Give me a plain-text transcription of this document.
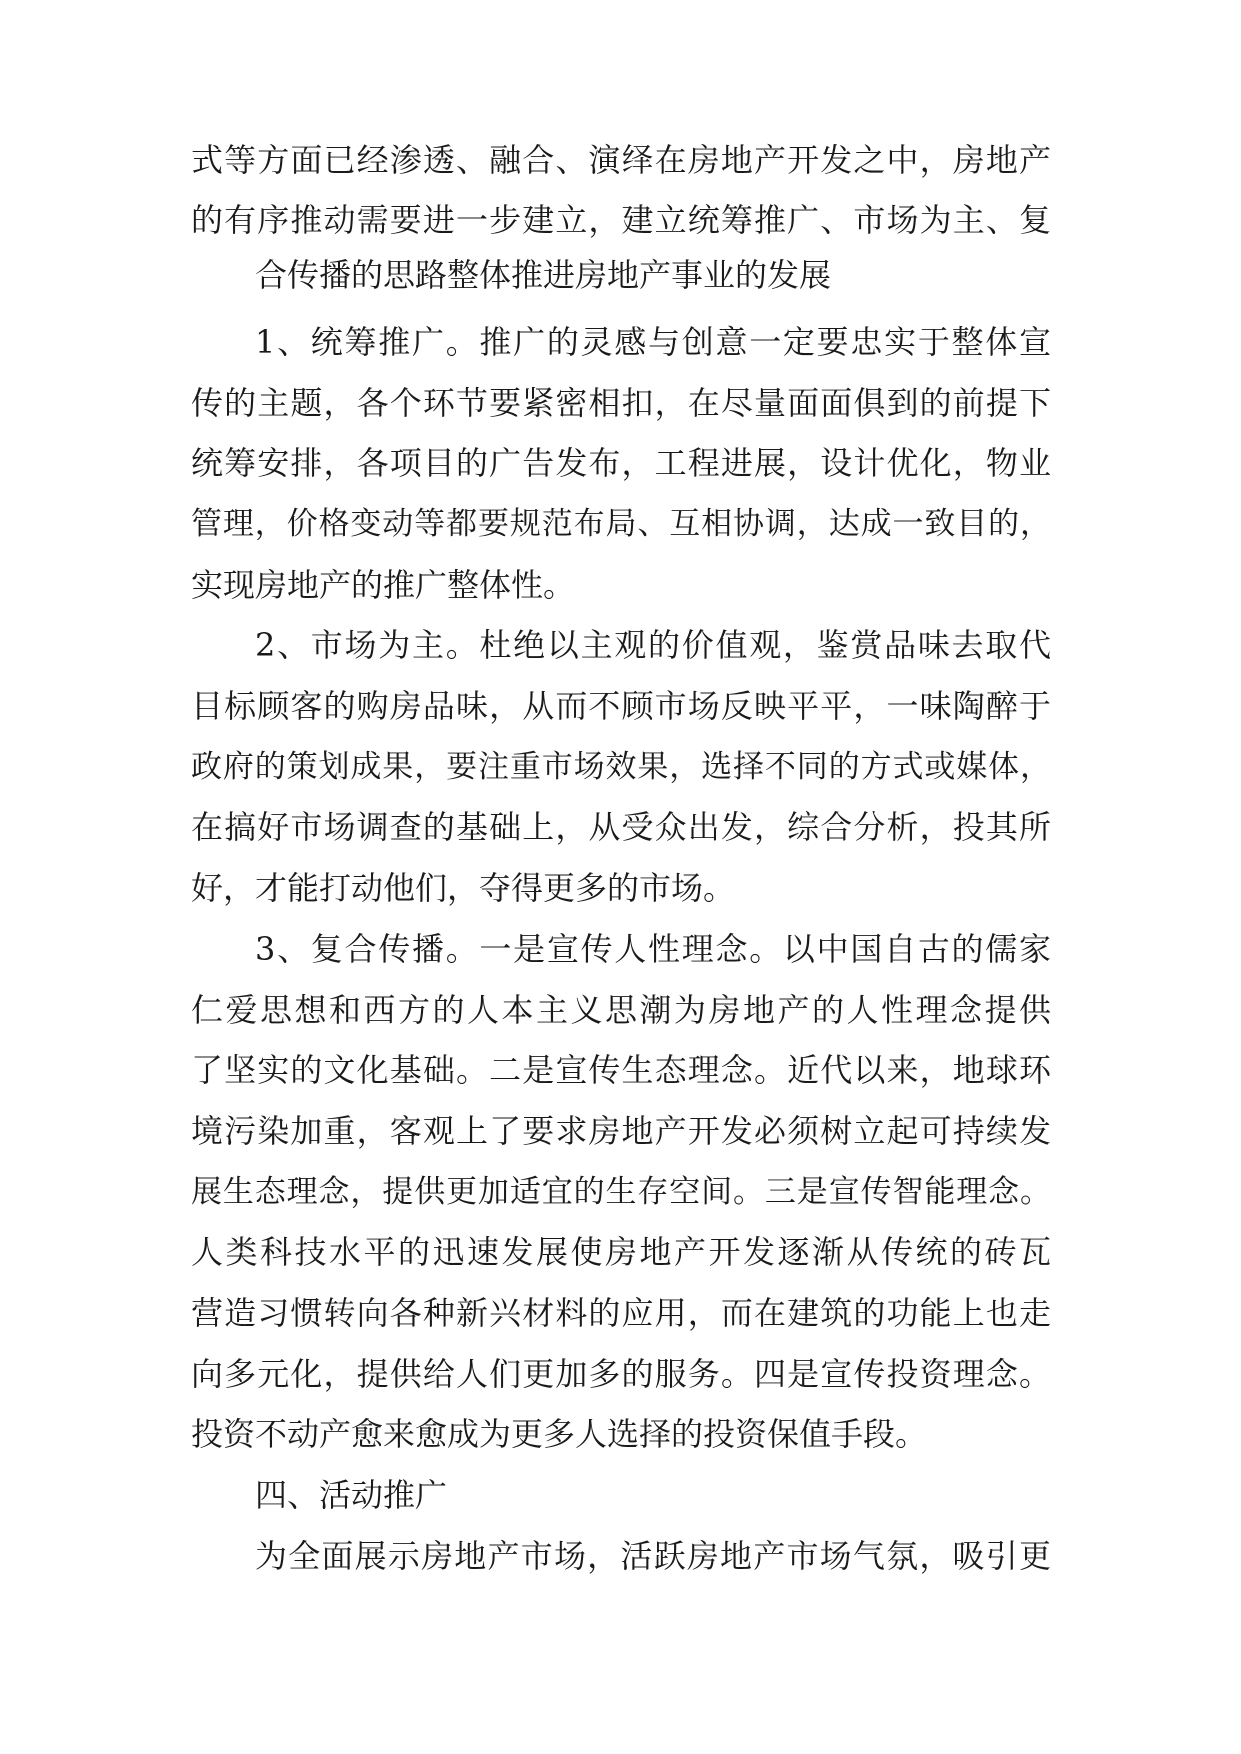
式等方面已经渗透、融合、演绎在房地产开发之中，房地产
的有序推动需要进一步建立，建立统筹推广、市场为主、复
合传播的思路整体推进房地产事业的发展
1、统筹推广。推广的灵感与创意一定要忠实于整体宣
传的主题，各个环节要紧密相扣，在尽量面面俱到的前提下
统筹安排，各项目的广告发布，工程进展，设计优化，物业
管理，价格变动等都要规范布局、互相协调，达成一致目的，
实现房地产的推广整体性。
2、市场为主。杜绝以主观的价值观，鉴赏品味去取代
目标顾客的购房品味，从而不顾市场反映平平，一味陶醉于
政府的策划成果，要注重市场效果，选择不同的方式或媒体，
在搞好市场调查的基础上，从受众出发，综合分析，投其所
好，才能打动他们，夺得更多的市场。
3、复合传播。一是宣传人性理念。以中国自古的儒家
仁爱思想和西方的人本主义思潮为房地产的人性理念提供
了坚实的文化基础。二是宣传生态理念。近代以来，地球环
境污染加重，客观上了要求房地产开发必须树立起可持续发
展生态理念，提供更加适宜的生存空间。三是宣传智能理念。
人类科技水平的迅速发展使房地产开发逐渐从传统的砖瓦
营造习惯转向各种新兴材料的应用，而在建筑的功能上也走
向多元化，提供给人们更加多的服务。四是宣传投资理念。
投资不动产愈来愈成为更多人选择的投资保值手段。
四、活动推广
为全面展示房地产市场，活跃房地产市场气氛，吸引更
